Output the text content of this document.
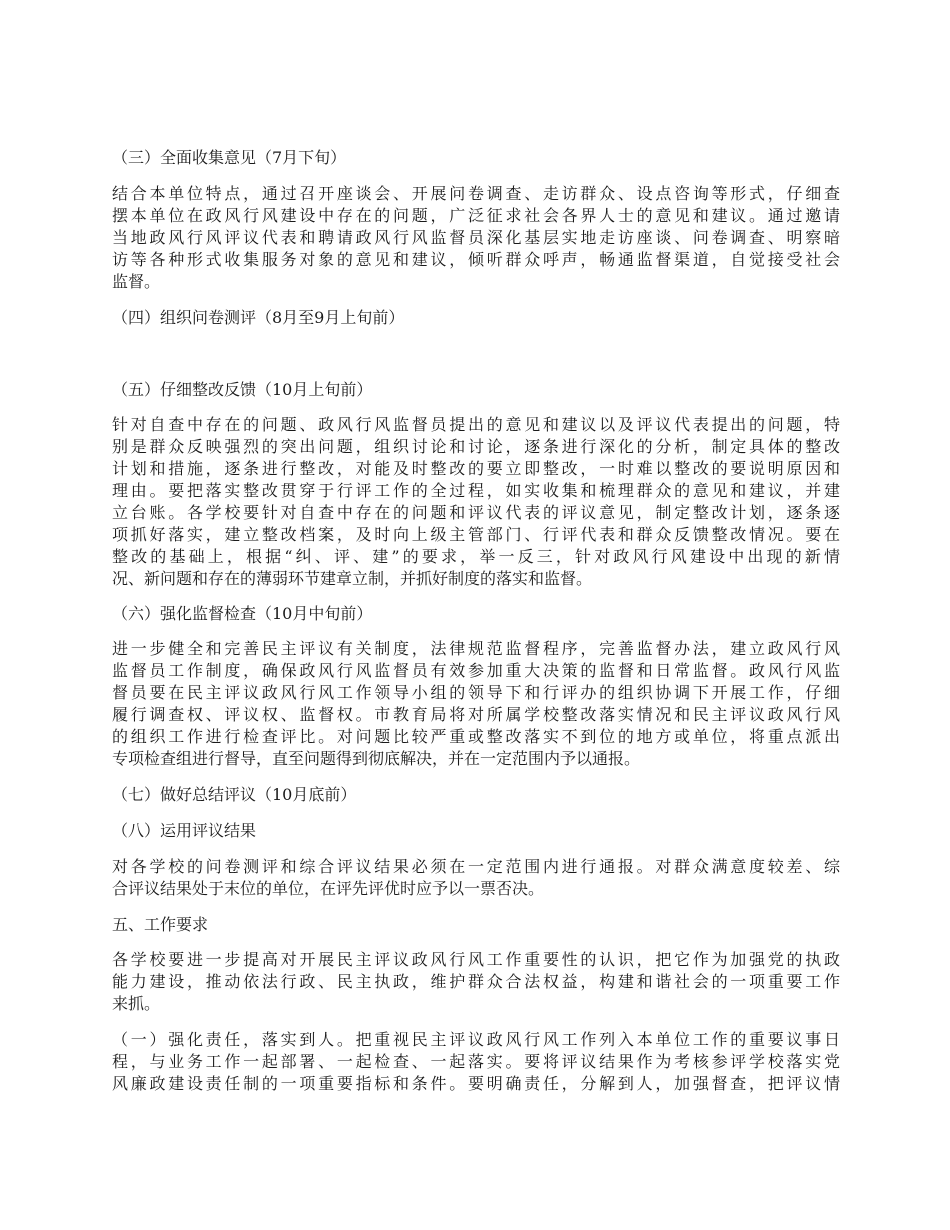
（三）全面收集意见（7月下旬）

结合本单位特点，通过召开座谈会、开展问卷调查、走访群众、设点咨询等形式，仔细查
摆本单位在政风行风建设中存在的问题，广泛征求社会各界人士的意见和建议。通过邀请
当地政风行风评议代表和聘请政风行风监督员深化基层实地走访座谈、问卷调查、明察暗
访等各种形式收集服务对象的意见和建议，倾听群众呼声，畅通监督渠道，自觉接受社会
监督。

（四）组织问卷测评（8月至9月上旬前）

（五）仔细整改反馈（10月上旬前）

针对自查中存在的问题、政风行风监督员提出的意见和建议以及评议代表提出的问题，特
别是群众反映强烈的突出问题，组织讨论和讨论，逐条进行深化的分析，制定具体的整改
计划和措施，逐条进行整改，对能及时整改的要立即整改，一时难以整改的要说明原因和
理由。要把落实整改贯穿于行评工作的全过程，如实收集和梳理群众的意见和建议，并建
立台账。各学校要针对自查中存在的问题和评议代表的评议意见，制定整改计划，逐条逐
项抓好落实，建立整改档案，及时向上级主管部门、行评代表和群众反馈整改情况。要在
整改的基础上，根据“纠、评、建”的要求，举一反三，针对政风行风建设中出现的新情
况、新问题和存在的薄弱环节建章立制，并抓好制度的落实和监督。

（六）强化监督检查（10月中旬前）

进一步健全和完善民主评议有关制度，法律规范监督程序，完善监督办法，建立政风行风
监督员工作制度，确保政风行风监督员有效参加重大决策的监督和日常监督。政风行风监
督员要在民主评议政风行风工作领导小组的领导下和行评办的组织协调下开展工作，仔细
履行调查权、评议权、监督权。市教育局将对所属学校整改落实情况和民主评议政风行风
的组织工作进行检查评比。对问题比较严重或整改落实不到位的地方或单位，将重点派出
专项检查组进行督导，直至问题得到彻底解决，并在一定范围内予以通报。

（七）做好总结评议（10月底前）

（八）运用评议结果

对各学校的问卷测评和综合评议结果必须在一定范围内进行通报。对群众满意度较差、综
合评议结果处于末位的单位，在评先评优时应予以一票否决。

五、工作要求

各学校要进一步提高对开展民主评议政风行风工作重要性的认识，把它作为加强党的执政
能力建设，推动依法行政、民主执政，维护群众合法权益，构建和谐社会的一项重要工作
来抓。
（一）强化责任，落实到人。把重视民主评议政风行风工作列入本单位工作的重要议事日
程，与业务工作一起部署、一起检查、一起落实。要将评议结果作为考核参评学校落实党
风廉政建设责任制的一项重要指标和条件。要明确责任，分解到人，加强督查，把评议情
